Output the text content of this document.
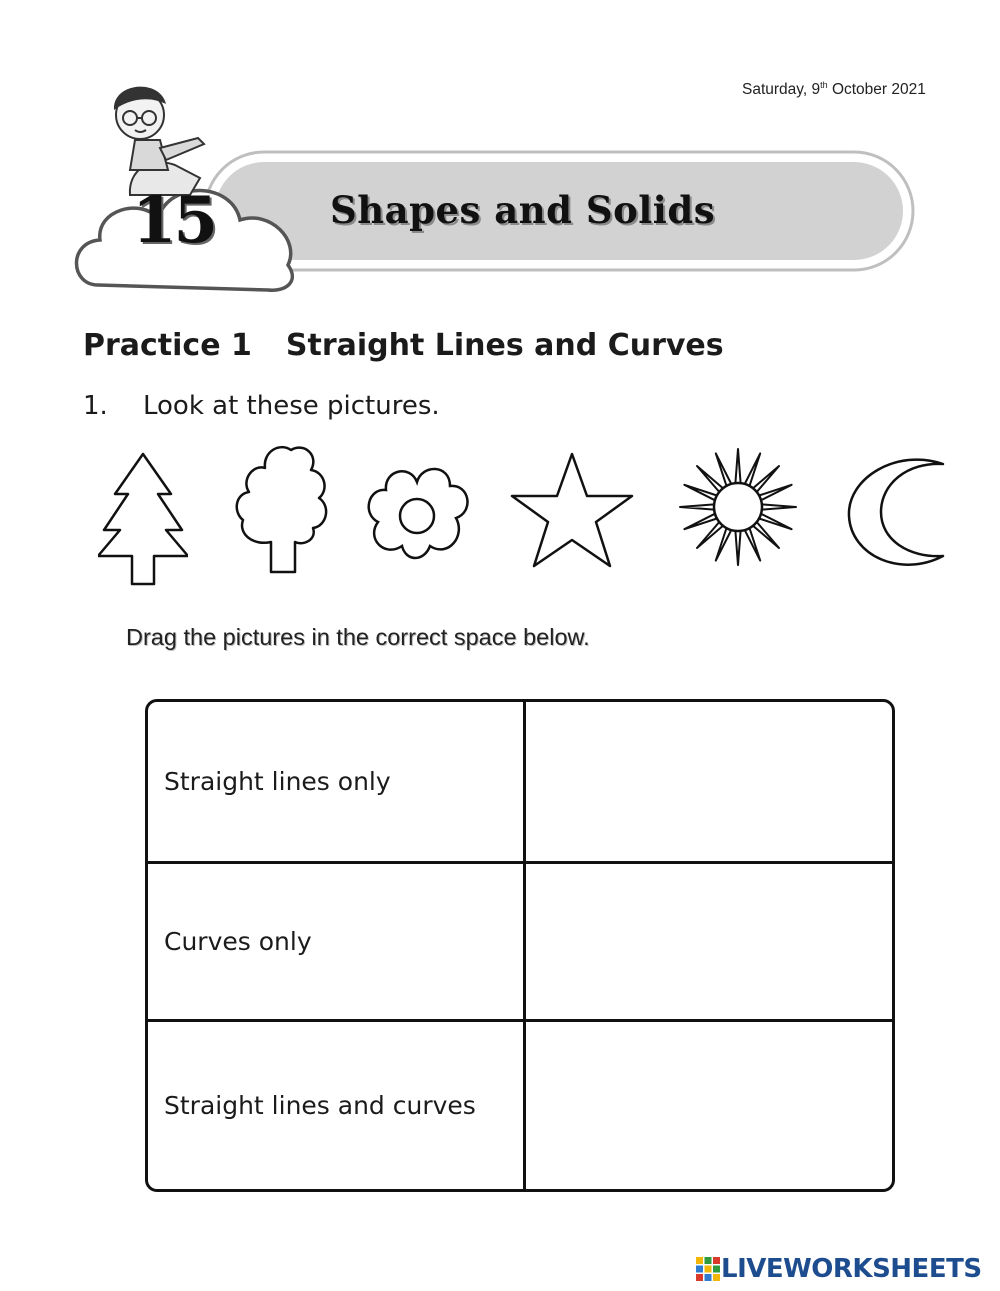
Saturday, 9th October 2021
15	Shapes and Solids
Practice 1 Straight Lines and Curves
1. Look at these pictures.
Drag the pictures in the correct space below.
Straight lines only
Curves only
Straight lines and curves
LIVEWORKSHEETS
